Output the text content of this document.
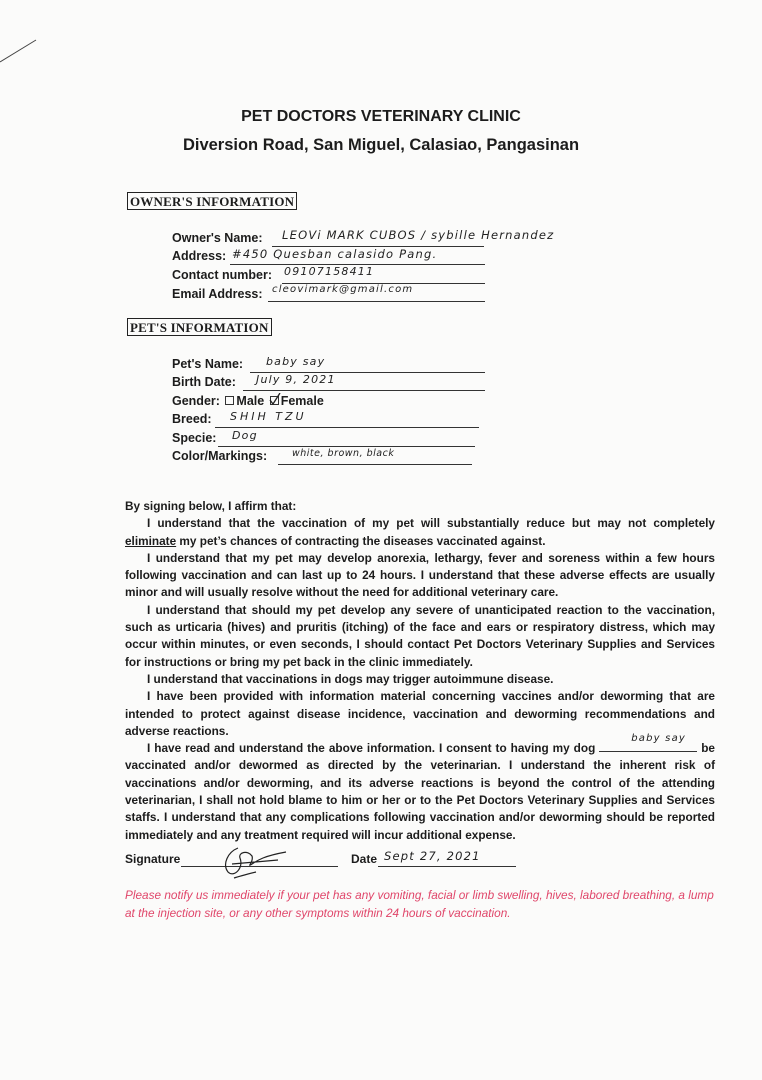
PET DOCTORS VETERINARY CLINIC
Diversion Road, San Miguel, Calasiao, Pangasinan
OWNER'S INFORMATION
Owner's Name: LEOVi MARK CUBOS / sybille Hernandez
Address: #450 Quesban calasido Pang.
Contact number: 09107158411
Email Address: cleovimark@gmail.com
PET'S INFORMATION
Pet's Name: baby say
Birth Date: July 9, 2021
Gender: Male Female
Breed: SHIH TZU
Specie: Dog
Color/Markings:	white, brown, black

By signing below, I affirm that:

I understand that the vaccination of my pet will substantially reduce but may not completely eliminate my pet’s chances of contracting the diseases vaccinated against.

I understand that my pet may develop anorexia, lethargy, fever and soreness within a few hours following vaccination and can last up to 24 hours. I understand that these adverse effects are usually minor and will usually resolve without the need for additional veterinary care.

I understand that should my pet develop any severe of unanticipated reaction to the vaccination, such as urticaria (hives) and pruritis (itching) of the face and ears or respiratory distress, which may occur within minutes, or even seconds, I should contact Pet Doctors Veterinary Supplies and Services for instructions or bring my pet back in the clinic immediately.

I understand that vaccinations in dogs may trigger autoimmune disease.

I have been provided with information material concerning vaccines and/or deworming that are intended to protect against disease incidence, vaccination and deworming recommendations and adverse reactions.

I have read and understand the above information. I consent to having my dog
baby say
be vaccinated and/or dewormed as directed by the veterinarian. I understand the inherent risk of vaccinations and/or deworming, and its adverse reactions is beyond the control of the attending veterinarian, I shall not hold blame to him or her or to the Pet Doctors Veterinary Supplies and Services staffs. I understand that any complications following vaccination and/or deworming should be reported immediately and any treatment required will incur additional expense.

Signature	Date Sept 27, 2021
Please notify us immediately if your pet has any vomiting, facial or limb swelling, hives, labored breathing, a lump at the injection site, or any other symptoms within 24 hours of vaccination.
